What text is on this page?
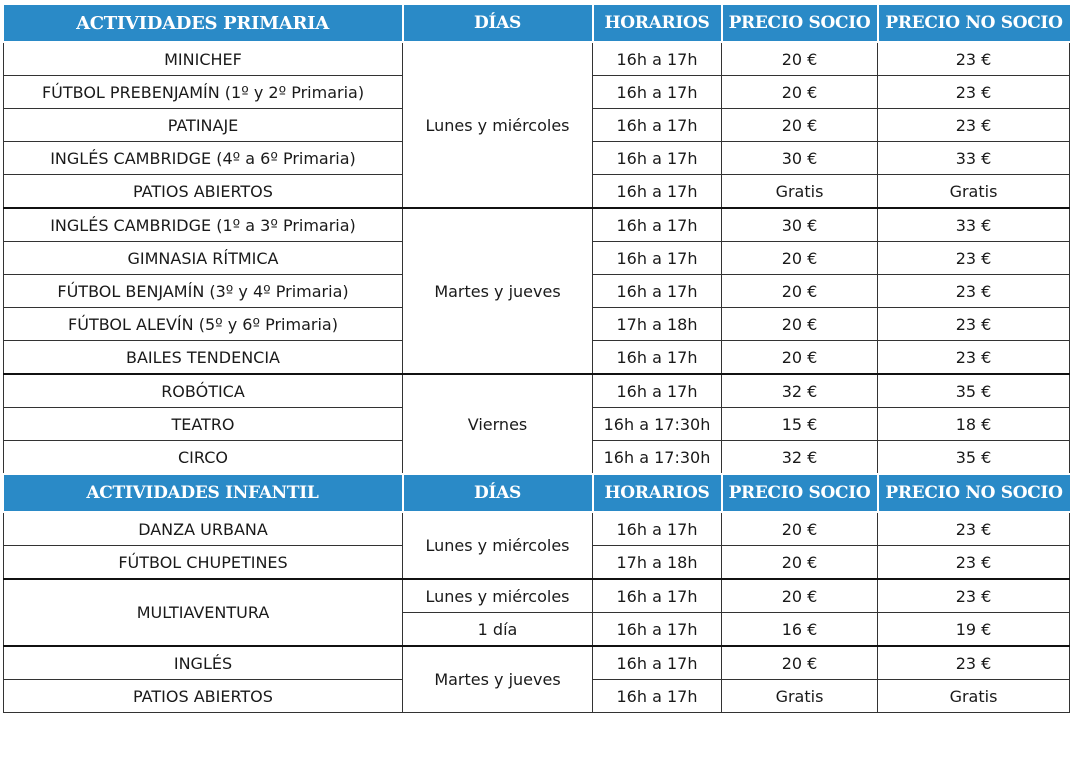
ACTIVIDADES PRIMARIA	DÍAS	HORARIOS	PRECIO SOCIO	PRECIO NO SOCIO
MINICHEF	Lunes y miércoles	16h a 17h	20 €	23 €
FÚTBOL PREBENJAMÍN (1º y 2º Primaria)		16h a 17h	20 €	23 €
PATINAJE		16h a 17h	20 €	23 €
INGLÉS CAMBRIDGE (4º a 6º Primaria)		16h a 17h	30 €	33 €
PATIOS ABIERTOS		16h a 17h	Gratis	Gratis
INGLÉS CAMBRIDGE (1º a 3º Primaria)	Martes y jueves	16h a 17h	30 €	33 €
GIMNASIA RÍTMICA		16h a 17h	20 €	23 €
FÚTBOL BENJAMÍN (3º y 4º Primaria)		16h a 17h	20 €	23 €
FÚTBOL ALEVÍN (5º y 6º Primaria)		17h a 18h	20 €	23 €
BAILES TENDENCIA		16h a 17h	20 €	23 €
ROBÓTICA	Viernes	16h a 17h	32 €	35 €
TEATRO		16h a 17:30h	15 €	18 €
CIRCO		16h a 17:30h	32 €	35 €
ACTIVIDADES INFANTIL	DÍAS	HORARIOS	PRECIO SOCIO	PRECIO NO SOCIO
DANZA URBANA	Lunes y miércoles	16h a 17h	20 €	23 €
FÚTBOL CHUPETINES		17h a 18h	20 €	23 €
MULTIAVENTURA	Lunes y miércoles	16h a 17h	20 €	23 €
	1 día	16h a 17h	16 €	19 €
INGLÉS	Martes y jueves	16h a 17h	20 €	23 €
PATIOS ABIERTOS		16h a 17h	Gratis	Gratis
